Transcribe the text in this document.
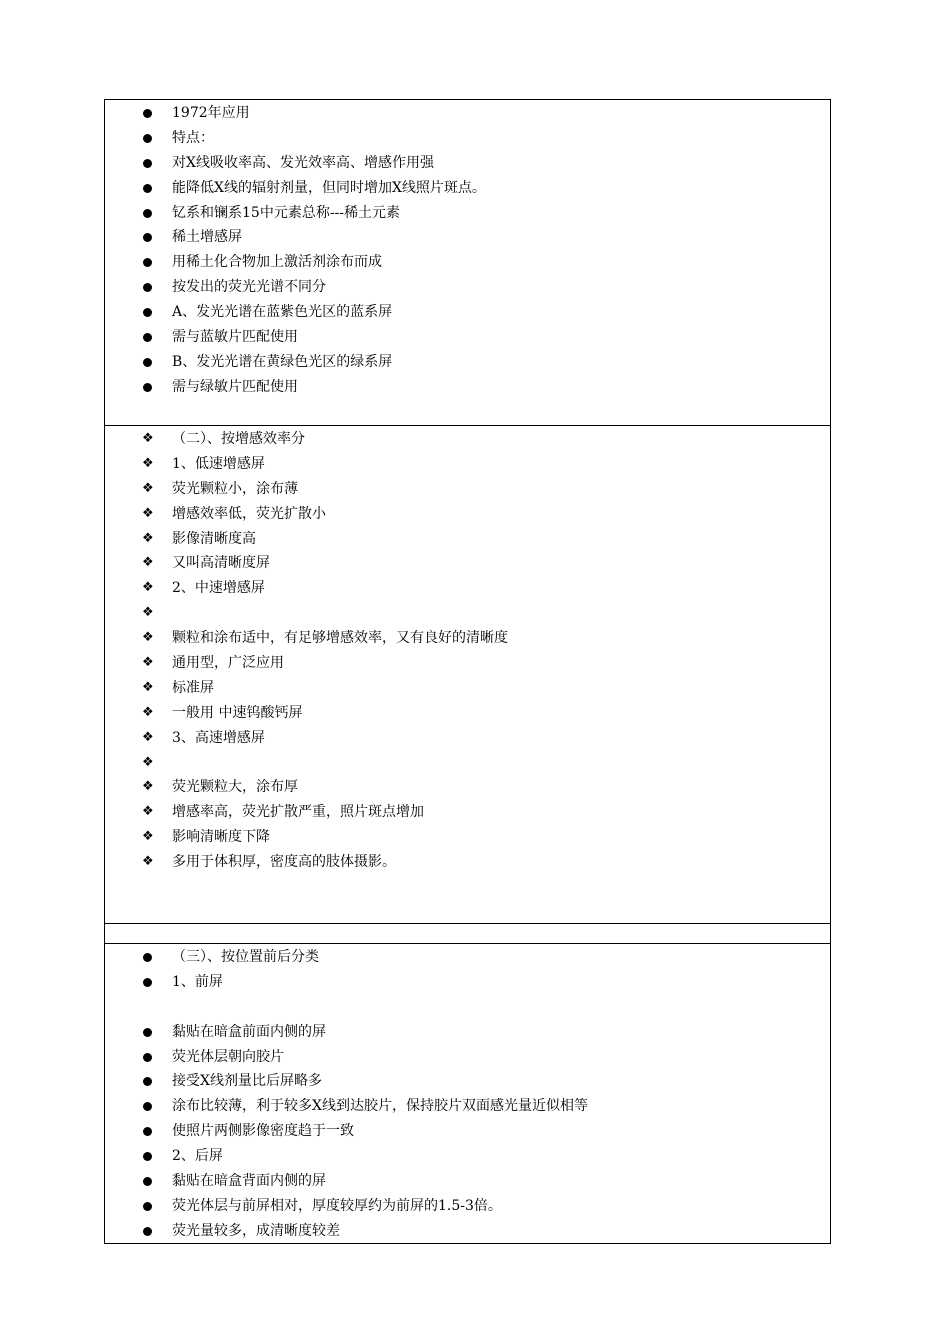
1972年应用
特点：
对X线吸收率高、发光效率高、增感作用强
能降低X线的辐射剂量，但同时增加X线照片斑点。
钇系和镧系15中元素总称---稀土元素
稀土增感屏
用稀土化合物加上激活剂涂布而成
按发出的荧光光谱不同分
A、发光光谱在蓝紫色光区的蓝系屏
需与蓝敏片匹配使用
B、发光光谱在黄绿色光区的绿系屏
需与绿敏片匹配使用
❖ （二）、按增感效率分
❖ 1、低速增感屏
❖ 荧光颗粒小，涂布薄
❖ 增感效率低，荧光扩散小
❖ 影像清晰度高
❖ 又叫高清晰度屏
❖ 2、中速增感屏
❖
❖ 颗粒和涂布适中，有足够增感效率，又有良好的清晰度
❖ 通用型，广泛应用
❖ 标准屏
❖ 一般用 中速钨酸钙屏
❖ 3、高速增感屏
❖
❖ 荧光颗粒大，涂布厚
❖ 增感率高，荧光扩散严重，照片斑点增加
❖ 影响清晰度下降
❖ 多用于体积厚，密度高的肢体摄影。
（三）、按位置前后分类
1、前屏
黏贴在暗盒前面内侧的屏
荧光体层朝向胶片
接受X线剂量比后屏略多
涂布比较薄，利于较多X线到达胶片，保持胶片双面感光量近似相等
使照片两侧影像密度趋于一致
2、后屏
黏贴在暗盒背面内侧的屏
荧光体层与前屏相对，厚度较厚约为前屏的1.5-3倍。
荧光量较多，成清晰度较差
